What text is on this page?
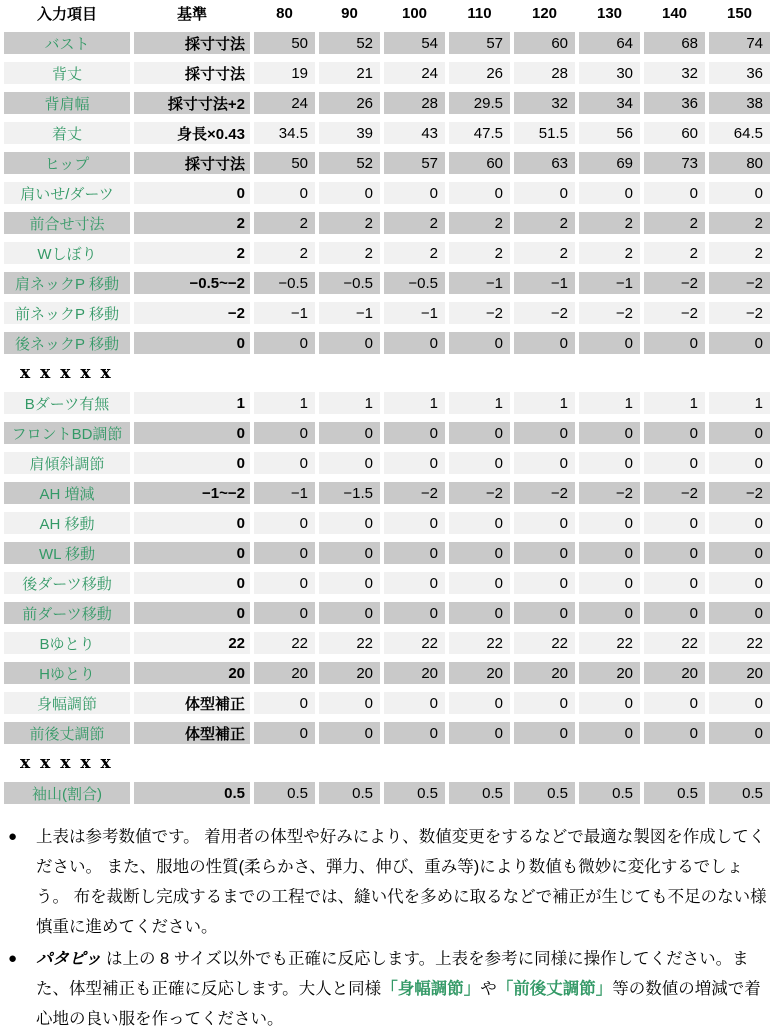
入力項目	基準	80	90	100	110	120	130	140	150
バスト	採寸寸法	50	52	54	57	60	64	68	74
背丈	採寸寸法	19	21	24	26	28	30	32	36
背肩幅	採寸寸法+2	24	26	28	29.5	32	34	36	38
着丈	身長×0.43	34.5	39	43	47.5	51.5	56	60	64.5
ヒップ	採寸寸法	50	52	57	60	63	69	73	80
肩いせ/ダーツ	0	0	0	0	0	0	0	0	0
前合せ寸法	2	2	2	2	2	2	2	2	2
Wしぼり	2	2	2	2	2	2	2	2	2
肩ネックP 移動	−0.5~−2	−0.5	−0.5	−0.5	−1	−1	−1	−2	−2
前ネックP 移動	−2	−1	−1	−1	−2	−2	−2	−2	−2
後ネックP 移動	0	0	0	0	0	0	0	0	0
xxxxx									
Bダーツ有無	1	1	1	1	1	1	1	1	1
フロントBD調節	0	0	0	0	0	0	0	0	0
肩傾斜調節	0	0	0	0	0	0	0	0	0
AH 増減	−1~−2	−1	−1.5	−2	−2	−2	−2	−2	−2
AH 移動	0	0	0	0	0	0	0	0	0
WL 移動	0	0	0	0	0	0	0	0	0
後ダーツ移動	0	0	0	0	0	0	0	0	0
前ダーツ移動	0	0	0	0	0	0	0	0	0
Bゆとり	22	22	22	22	22	22	22	22	22
Hゆとり	20	20	20	20	20	20	20	20	20
身幅調節	体型補正	0	0	0	0	0	0	0	0
前後丈調節	体型補正	0	0	0	0	0	0	0	0
xxxxx									
袖山(割合)	0.5	0.5	0.5	0.5	0.5	0.5	0.5	0.5	0.5
● 上表は参考数値です。 着用者の体型や好みにより、数値変更をするなどで最適な製図を作成してください。 また、服地の性質(柔らかさ、弾力、伸び、重み等)により数値も微妙に変化するでしょう。 布を裁断し完成するまでの工程では、縫い代を多めに取るなどで補正が生じても不足のない様慎重に進めてください。
● パタピッ は上の 8 サイズ以外でも正確に反応します。上表を参考に同様に操作してください。また、体型補正も正確に反応します。大人と同様「身幅調節」や「前後丈調節」等の数値の増減で着心地の良い服を作ってください。
